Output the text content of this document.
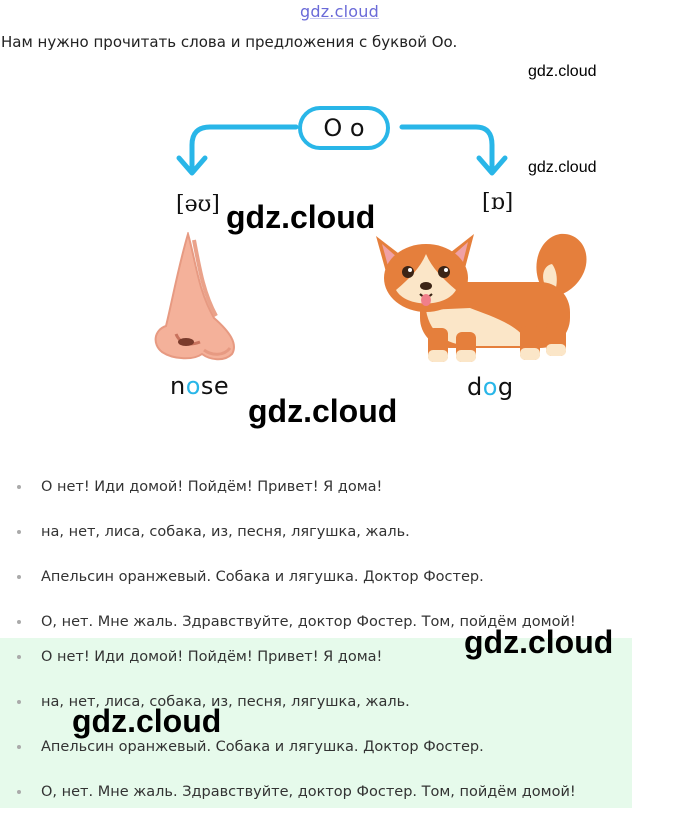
gdz.cloud
Нам нужно прочитать слова и предложения с буквой Oo.
gdz.cloud
gdz.cloud
O o
[əʊ]	[ɒ]
gdz.cloud
nose	dog
gdz.cloud
О нет! Иди домой! Пойдём! Привет! Я дома!
на, нет, лиса, собака, из, песня, лягушка, жаль.
Апельсин оранжевый. Собака и лягушка. Доктор Фостер.
О, нет. Мне жаль. Здравствуйте, доктор Фостер. Том, пойдём домой!
О нет! Иди домой! Пойдём! Привет! Я дома!
на, нет, лиса, собака, из, песня, лягушка, жаль.
Апельсин оранжевый. Собака и лягушка. Доктор Фостер.
О, нет. Мне жаль. Здравствуйте, доктор Фостер. Том, пойдём домой!
gdz.cloud
gdz.cloud
